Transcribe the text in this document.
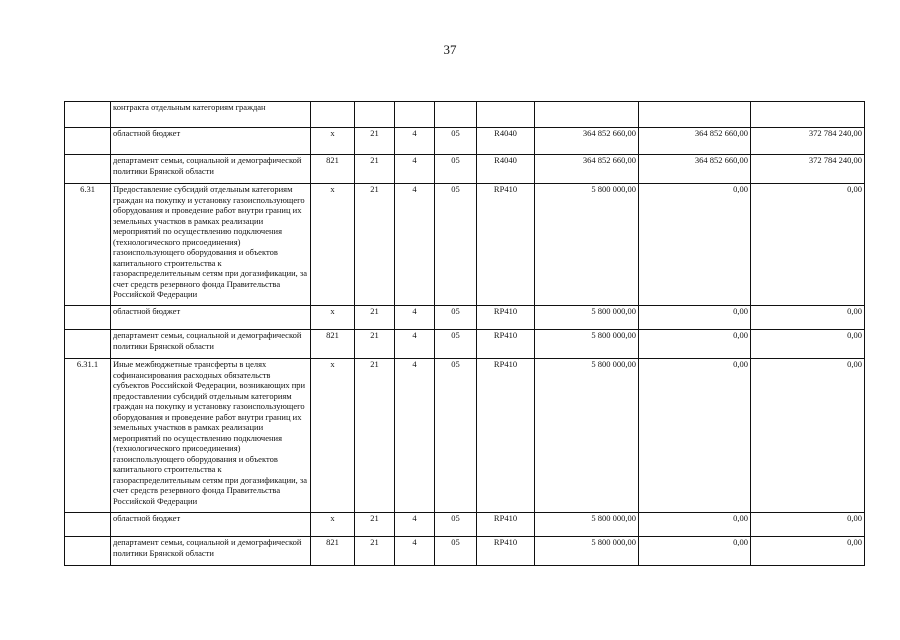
37
	контракта отдельным категориям граждан								
	областной бюджет	х	21	4	05	R4040	364 852 660,00	364 852 660,00	372 784 240,00
	департамент семьи, социальной и демографической политики Брянской области	821	21	4	05	R4040	364 852 660,00	364 852 660,00	372 784 240,00
6.31	Предоставление субсидий отдельным категориям граждан на покупку и установку газоиспользующего оборудования и проведение работ внутри границ их земельных участков в рамках реализации мероприятий по осуществлению подключения (технологического присоединения) газоиспользующего оборудования и объектов капитального строительства к газораспределительным сетям при догазификации, за счет средств резервного фонда Правительства Российской Федерации	х	21	4	05	RP410	5 800 000,00	0,00	0,00
	областной бюджет	х	21	4	05	RP410	5 800 000,00	0,00	0,00
	департамент семьи, социальной и демографической политики Брянской области	821	21	4	05	RP410	5 800 000,00	0,00	0,00
6.31.1	Иные межбюджетные трансферты в целях софинансирования расходных обязательств субъектов Российской Федерации, возникающих при предоставлении субсидий отдельным категориям граждан на покупку и установку газоиспользующего оборудования и проведение работ внутри границ их земельных участков в рамках реализации мероприятий по осуществлению подключения (технологического присоединения) газоиспользующего оборудования и объектов капитального строительства к газораспределительным сетям при догазификации, за счет средств резервного фонда Правительства Российской Федерации	х	21	4	05	RP410	5 800 000,00	0,00	0,00
	областной бюджет	х	21	4	05	RP410	5 800 000,00	0,00	0,00
	департамент семьи, социальной и демографической политики Брянской области	821	21	4	05	RP410	5 800 000,00	0,00	0,00
